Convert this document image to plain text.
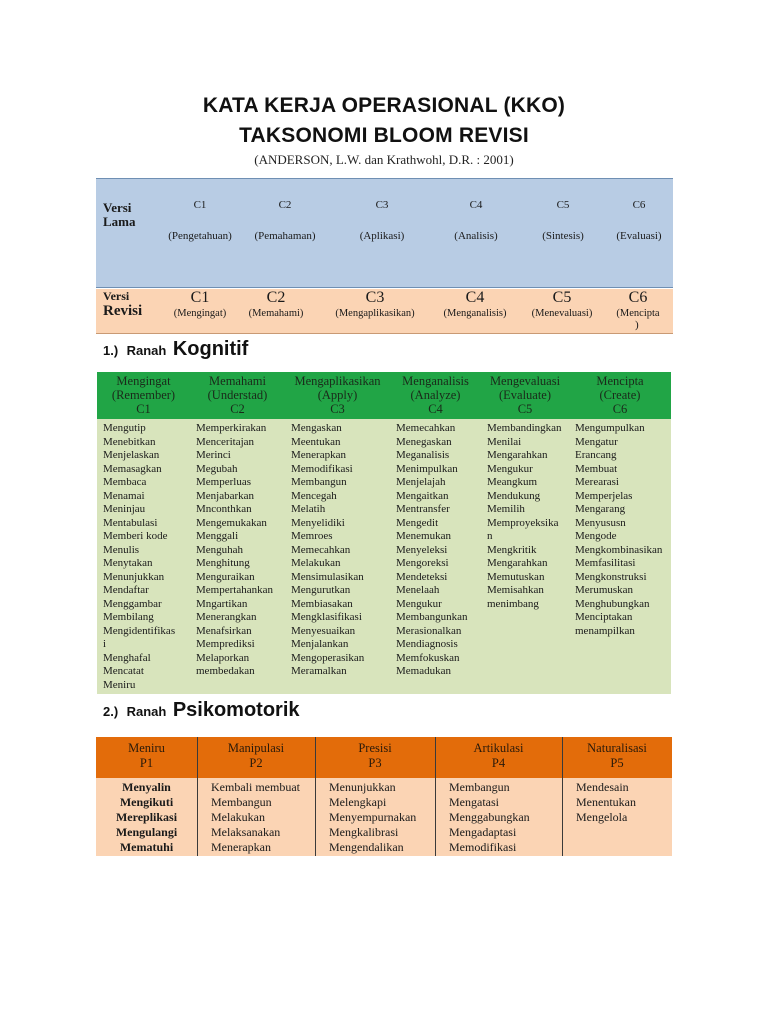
KATA KERJA OPERASIONAL (KKO)
TAKSONOMI BLOOM REVISI
(ANDERSON, L.W. dan Krathwohl, D.R. : 2001)
Versi
Lama
C1
(Pengetahuan)
C2
(Pemahaman)
C3
(Aplikasi)
C4
(Analisis)
C5
(Sintesis)
C6
(Evaluasi)
Versi
Revisi
C1
(Mengingat)
C2
(Memahami)
C3
(Mengaplikasikan)
C4
(Menganalisis)
C5
(Menevaluasi)
C6
(Mencipta
)
1.) Ranah Kognitif
Mengingat
(Remember)
C1
Memahami
(Understad)
C2
Mengaplikasikan
(Apply)
C3
Menganalisis
(Analyze)
C4
Mengevaluasi
(Evaluate)
C5
Mencipta
(Create)
C6
Mengutip
Menebitkan
Menjelaskan
Memasagkan
Membaca
Menamai
Meninjau
Mentabulasi
Memberi kode
Menulis
Menytakan
Menunjukkan
Mendaftar
Menggambar
Membilang
Mengidentifikas
i
Menghafal
Mencatat
Meniru
Memperkirakan
Menceritajan
Merinci
Megubah
Memperluas
Menjabarkan
Mnconthkan
Mengemukakan
Menggali
Menguhah
Menghitung
Menguraikan
Mempertahankan
Mngartikan
Menerangkan
Menafsirkan
Memprediksi
Melaporkan
membedakan
Mengaskan
Meentukan
Menerapkan
Memodifikasi
Membangun
Mencegah
Melatih
Menyelidiki
Memroes
Memecahkan
Melakukan
Mensimulasikan
Mengurutkan
Membiasakan
Mengklasifikasi
Menyesuaikan
Menjalankan
Mengoperasikan
Meramalkan
Memecahkan
Menegaskan
Meganalisis
Menimpulkan
Menjelajah
Mengaitkan
Mentransfer
Mengedit
Menemukan
Menyeleksi
Mengoreksi
Mendeteksi
Menelaah
Mengukur
Membangunkan
Merasionalkan
Mendiagnosis
Memfokuskan
Memadukan
Membandingkan
Menilai
Mengarahkan
Mengukur
Meangkum
Mendukung
Memilih
Memproyeksika
n
Mengkritik
Mengarahkan
Memutuskan
Memisahkan
menimbang
Mengumpulkan
Mengatur
Erancang
Membuat
Merearasi
Memperjelas
Mengarang
Menyususn
Mengode
Mengkombinasikan
Memfasilitasi
Mengkonstruksi
Merumuskan
Menghubungkan
Menciptakan
menampilkan
2.) Ranah Psikomotorik
Meniru
P1
Manipulasi
P2
Presisi
P3
Artikulasi
P4
Naturalisasi
P5
Menyalin
Mengikuti
Mereplikasi
Mengulangi
Mematuhi
Kembali membuat
Membangun
Melakukan
Melaksanakan
Menerapkan
Menunjukkan
Melengkapi
Menyempurnakan
Mengkalibrasi
Mengendalikan
Membangun
Mengatasi
Menggabungkan
Mengadaptasi
Memodifikasi
Mendesain
Menentukan
Mengelola
